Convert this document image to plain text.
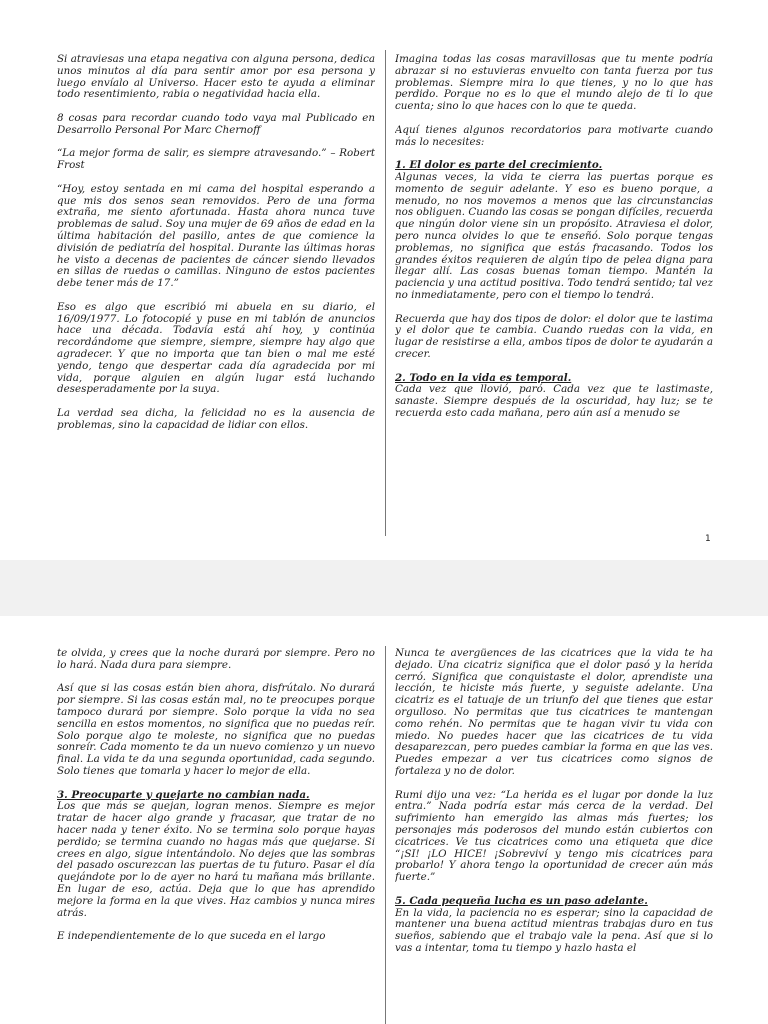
Si atraviesas una etapa negativa con alguna persona, dedica unos minutos al día para sentir amor por esa persona y luego envíalo al Universo. Hacer esto te ayuda a eliminar todo resentimiento, rabia o negatividad hacia ella.

8 cosas para recordar cuando todo vaya mal Publicado en Desarrollo Personal Por Marc Chernoff

“La mejor forma de salir, es siempre atravesando.” – Robert Frost

“Hoy, estoy sentada en mi cama del hospital esperando a que mis dos senos sean removidos. Pero de una forma extraña, me siento afortunada. Hasta ahora nunca tuve problemas de salud. Soy una mujer de 69 años de edad en la última habitación del pasillo, antes de que comience la división de pediatría del hospital. Durante las últimas horas he visto a decenas de pacientes de cáncer siendo llevados en sillas de ruedas o camillas. Ninguno de estos pacientes debe tener más de 17.”

Eso es algo que escribió mi abuela en su diario, el 16/09/1977. Lo fotocopié y puse en mi tablón de anuncios hace una década. Todavía está ahí hoy, y continúa recordándome que siempre, siempre, siempre hay algo que agradecer. Y que no importa que tan bien o mal me esté yendo, tengo que despertar cada día agradecida por mi vida, porque alguien en algún lugar está luchando desesperadamente por la suya.

La verdad sea dicha, la felicidad no es la ausencia de problemas, sino la capacidad de lidiar con ellos.

Imagina todas las cosas maravillosas que tu mente podría abrazar si no estuvieras envuelto con tanta fuerza por tus problemas. Siempre mira lo que tienes, y no lo que has perdido. Porque no es lo que el mundo alejo de ti lo que cuenta; sino lo que haces con lo que te queda.

Aquí tienes algunos recordatorios para motivarte cuando más lo necesites:

1. El dolor es parte del crecimiento.

Algunas veces, la vida te cierra las puertas porque es momento de seguir adelante. Y eso es bueno porque, a menudo, no nos movemos a menos que las circunstancias nos obliguen. Cuando las cosas se pongan difíciles, recuerda que ningún dolor viene sin un propósito. Atraviesa el dolor, pero nunca olvides lo que te enseñó. Solo porque tengas problemas, no significa que estás fracasando. Todos los grandes éxitos requieren de algún tipo de pelea digna para llegar allí. Las cosas buenas toman tiempo. Mantén la paciencia y una actitud positiva. Todo tendrá sentido; tal vez no inmediatamente, pero con el tiempo lo tendrá.

Recuerda que hay dos tipos de dolor: el dolor que te lastima y el dolor que te cambia. Cuando ruedas con la vida, en lugar de resistirse a ella, ambos tipos de dolor te ayudarán a crecer.

2. Todo en la vida es temporal.

Cada vez que llovió, paró. Cada vez que te lastimaste, sanaste. Siempre después de la oscuridad, hay luz; se te recuerda esto cada mañana, pero aún así a menudo se

1

te olvida, y crees que la noche durará por siempre. Pero no lo hará. Nada dura para siempre.

Así que si las cosas están bien ahora, disfrútalo. No durará por siempre. Si las cosas están mal, no te preocupes porque tampoco durará por siempre. Solo porque la vida no sea sencilla en estos momentos, no significa que no puedas reír. Solo porque algo te moleste, no significa que no puedas sonreír. Cada momento te da un nuevo comienzo y un nuevo final. La vida te da una segunda oportunidad, cada segundo. Solo tienes que tomarla y hacer lo mejor de ella.

3. Preocuparte y quejarte no cambian nada.

Los que más se quejan, logran menos. Siempre es mejor tratar de hacer algo grande y fracasar, que tratar de no hacer nada y tener éxito. No se termina solo porque hayas perdido; se termina cuando no hagas más que quejarse. Si crees en algo, sigue intentándolo. No dejes que las sombras del pasado oscurezcan las puertas de tu futuro. Pasar el día quejándote por lo de ayer no hará tu mañana más brillante. En lugar de eso, actúa. Deja que lo que has aprendido mejore la forma en la que vives. Haz cambios y nunca mires atrás.

E independientemente de lo que suceda en el largo

Nunca te avergüences de las cicatrices que la vida te ha dejado. Una cicatriz significa que el dolor pasó y la herida cerró. Significa que conquistaste el dolor, aprendiste una lección, te hiciste más fuerte, y seguiste adelante. Una cicatriz es el tatuaje de un triunfo del que tienes que estar orgulloso. No permitas que tus cicatrices te mantengan como rehén. No permitas que te hagan vivir tu vida con miedo. No puedes hacer que las cicatrices de tu vida desaparezcan, pero puedes cambiar la forma en que las ves. Puedes empezar a ver tus cicatrices como signos de fortaleza y no de dolor.

Rumi dijo una vez: “La herida es el lugar por donde la luz entra.” Nada podría estar más cerca de la verdad. Del sufrimiento han emergido las almas más fuertes; los personajes más poderosos del mundo están cubiertos con cicatrices. Ve tus cicatrices como una etiqueta que dice “¡SI! ¡LO HICE! ¡Sobreviví y tengo mis cicatrices para probarlo! Y ahora tengo la oportunidad de crecer aún más fuerte.”

5. Cada pequeña lucha es un paso adelante.

En la vida, la paciencia no es esperar; sino la capacidad de mantener una buena actitud mientras trabajas duro en tus sueños, sabiendo que el trabajo vale la pena. Así que si lo vas a intentar, toma tu tiempo y hazlo hasta el
